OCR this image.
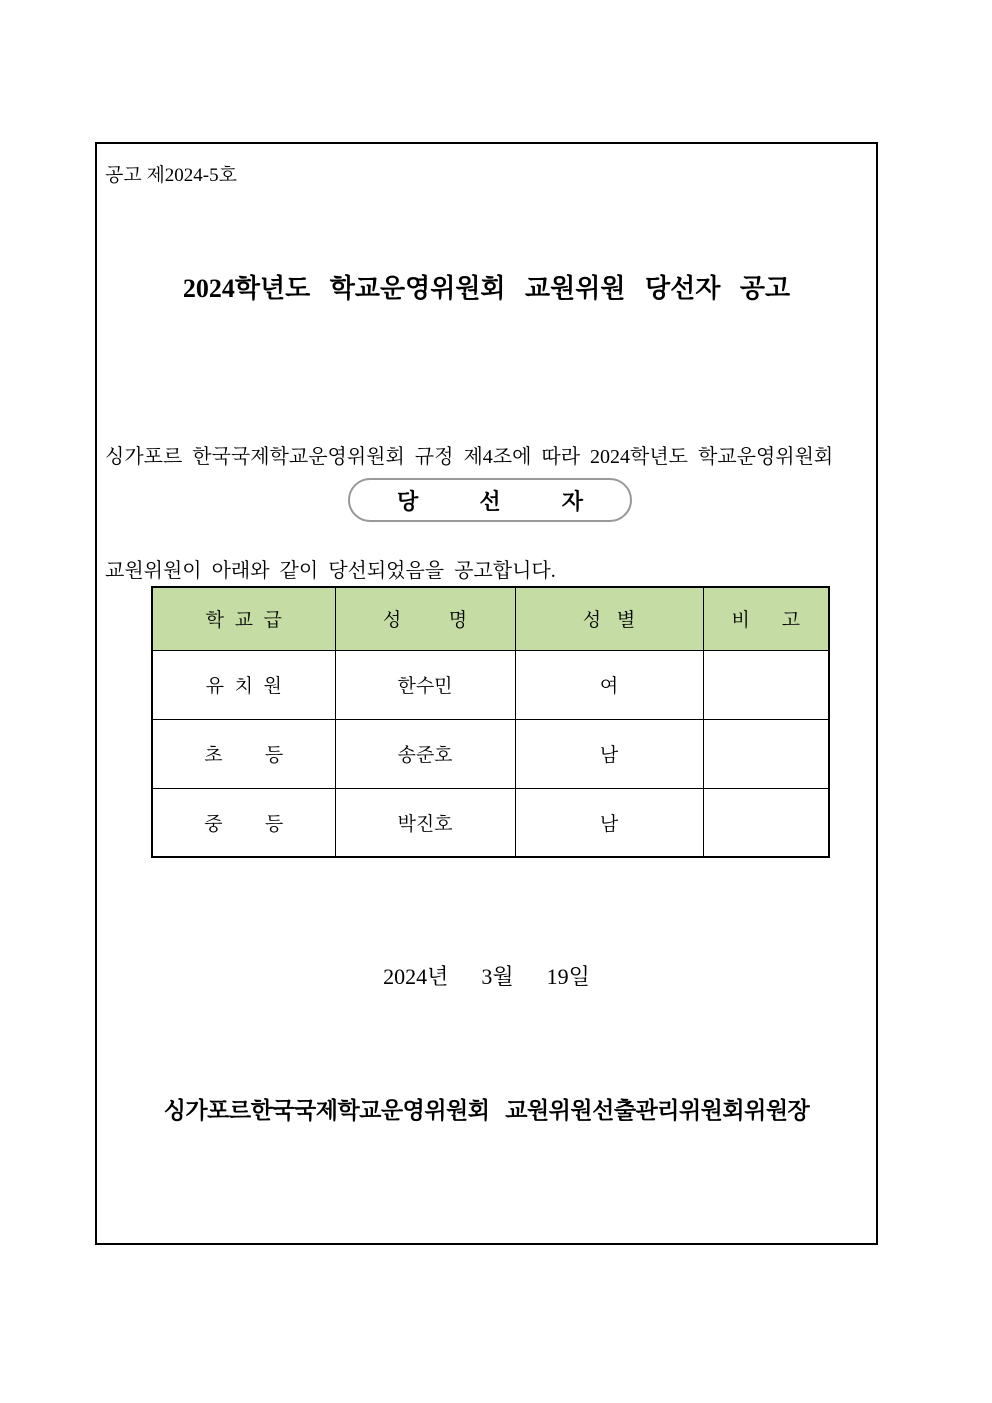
공고 제2024-5호
2024학년도   학교운영위원회   교원위원   당선자   공고

싱가포르  한국국제학교운영위원회  규정  제4조에  따라  2024학년도  학교운영위원회

교원위원이  아래와  같이  당선되었음을  공고합니다.

당          선          자
학  교  급	성         명	성   별	비      고
유  치  원	한수민	여	
초        등	송준호	남	
중        등	박진호	남	
2024년      3월      19일
싱가포르한국국제학교운영위원회   교원위원선출관리위원회위원장
